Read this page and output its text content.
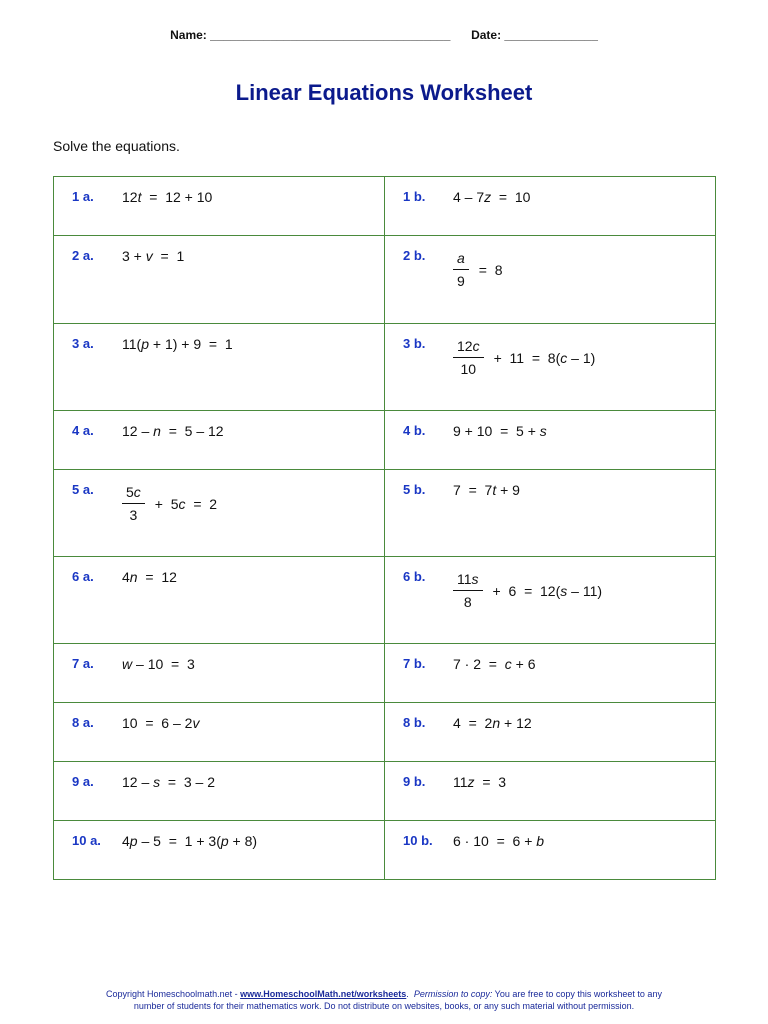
Name: ____________________________________ Date: ______________
Linear Equations Worksheet
Solve the equations.
1 a. 12t  =  12 + 10	1 b. 4 – 7z  =  10

2 a. 3 + v  =  1	2 b. $\frac{a}{9} = 8$

3 a. 11(p + 1) + 9  =  1	3 b. $\frac{12c}{10} + 11 = 8(c - 1)$

4 a. 12 – n  =  5 – 12	4 b. 9 + 10  =  5 + s

5 a. $\frac{5c}{3} + 5c = 2$	5 b. 7  =  7t + 9

6 a. 4n  =  12	6 b. $\frac{11s}{8} + 6 = 12(s - 11)$

7 a. w – 10  =  3	7 b. 7 · 2  =  c + 6

8 a. 10  =  6 – 2v	8 b. 4  =  2n + 12

9 a. 12 – s  =  3 – 2	9 b. 11z  =  3

10 a. 4p – 5  =  1 + 3(p + 8)	10 b. 6 · 10  =  6 + b
Copyright Homeschoolmath.net - www.HomeschoolMath.net/worksheets.  Permission to copy: You are free to copy this worksheet to any
number of students for their mathematics work. Do not distribute on websites, books, or any such material without permission.
